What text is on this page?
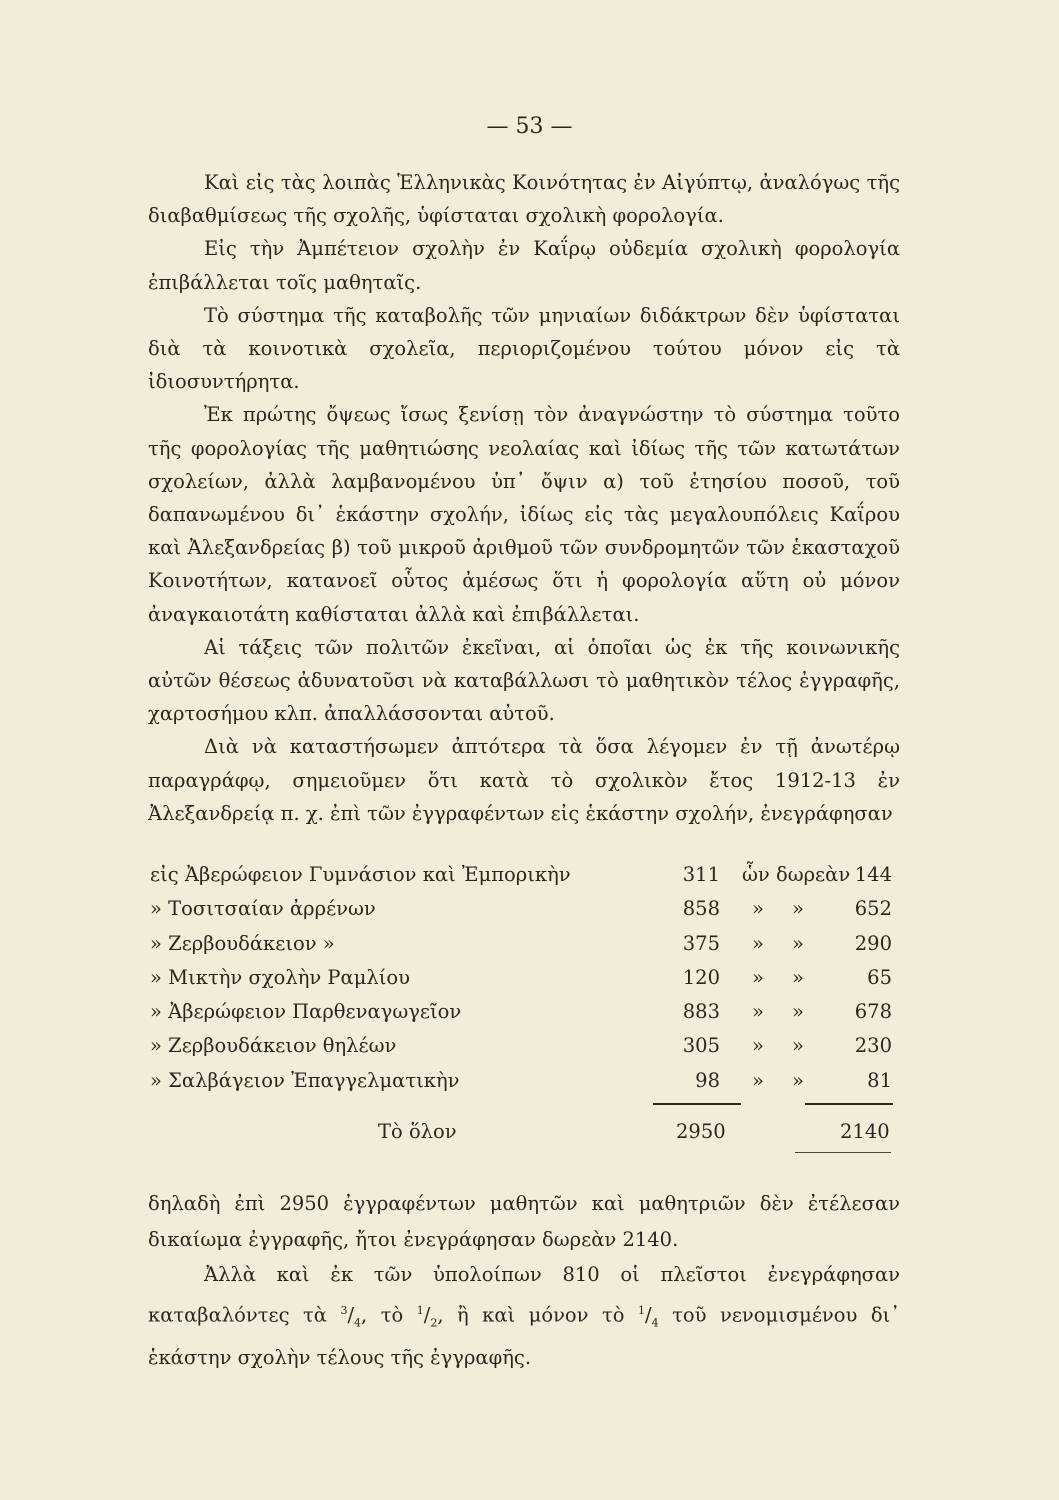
— 53 —

Καὶ εἰς τὰς λοιπὰς Ἑλληνικὰς Κοινότητας ἐν Αἰγύπτῳ, ἀναλόγως τῆς διαβαθμίσεως τῆς σχολῆς, ὑφίσταται σχολικὴ φορολογία.

Εἰς τὴν Ἀμπέτειον σχολὴν ἐν Καΐρῳ οὐδεμία σχολικὴ φορολογία ἐπιβάλλεται τοῖς μαθηταῖς.

Τὸ σύστημα τῆς καταβολῆς τῶν μηνιαίων διδάκτρων δὲν ὑφίσταται διὰ τὰ κοινοτικὰ σχολεῖα, περιοριζομένου τούτου μόνον εἰς τὰ ἰδιοσυντήρητα.

Ἐκ πρώτης ὄψεως ἴσως ξενίσῃ τὸν ἀναγνώστην τὸ σύστημα τοῦτο τῆς φορολογίας τῆς μαθητιώσης νεολαίας καὶ ἰδίως τῆς τῶν κατωτάτων σχολείων, ἀλλὰ λαμβανομένου ὑπ᾿ ὄψιν α) τοῦ ἐτησίου ποσοῦ, τοῦ δαπανωμένου δι᾿ ἑκάστην σχολήν, ἰδίως εἰς τὰς μεγαλουπόλεις Καΐρου καὶ Ἀλεξανδρείας β) τοῦ μικροῦ ἀριθμοῦ τῶν συνδρομητῶν τῶν ἑκασταχοῦ Κοινοτήτων, κατανοεῖ οὗτος ἀμέσως ὅτι ἡ φορολογία αὕτη οὐ μόνον ἀναγκαιοτάτη καθίσταται ἀλλὰ καὶ ἐπιβάλλεται.

Αἱ τάξεις τῶν πολιτῶν ἐκεῖναι, αἱ ὁποῖαι ὡς ἐκ τῆς κοινωνικῆς αὐτῶν θέσεως ἀδυνατοῦσι νὰ καταβάλλωσι τὸ μαθητικὸν τέλος ἐγγραφῆς, χαρτοσήμου κλπ. ἀπαλλάσσονται αὐτοῦ.

Διὰ νὰ καταστήσωμεν ἀπτότερα τὰ ὅσα λέγομεν ἐν τῇ ἀνωτέρῳ παραγράφῳ, σημειοῦμεν ὅτι κατὰ τὸ σχολικὸν ἔτος 1912-13 ἐν Ἀλεξανδρείᾳ π. χ. ἐπὶ τῶν ἐγγραφέντων εἰς ἑκάστην σχολήν, ἐνεγράφησαν

εἰς Ἀβερώφειον Γυμνάσιον καὶ Ἐμπορικὴν	311 ὧν δωρεὰν 144
» Τοσιτσαίαν ἀρρένων	858 » »	652
» Ζερβουδάκειον »	375 » »	290
» Μικτὴν σχολὴν Ραμλίου	120 » »	65
» Ἀβερώφειον Παρθεναγωγεῖον	883 » »	678
» Ζερβουδάκειον θηλέων	305 » »	230
» Σαλβάγειον Ἐπαγγελματικὴν	98 » »	81
Τὸ ὅλον	2950	2140

δηλαδὴ ἐπὶ 2950 ἐγγραφέντων μαθητῶν καὶ μαθητριῶν δὲν ἐτέλεσαν δικαίωμα ἐγγραφῆς, ἤτοι ἐνεγράφησαν δωρεὰν 2140.

Ἀλλὰ καὶ ἐκ τῶν ὑπολοίπων 810 οἱ πλεῖστοι ἐνεγράφησαν καταβαλόντες τὰ $^3/_4$, τὸ $^1/_2$, ἢ καὶ μόνον τὸ $^1/_4$ τοῦ νενομισμένου δι᾿ ἑκάστην σχολὴν τέλους τῆς ἐγγραφῆς.
